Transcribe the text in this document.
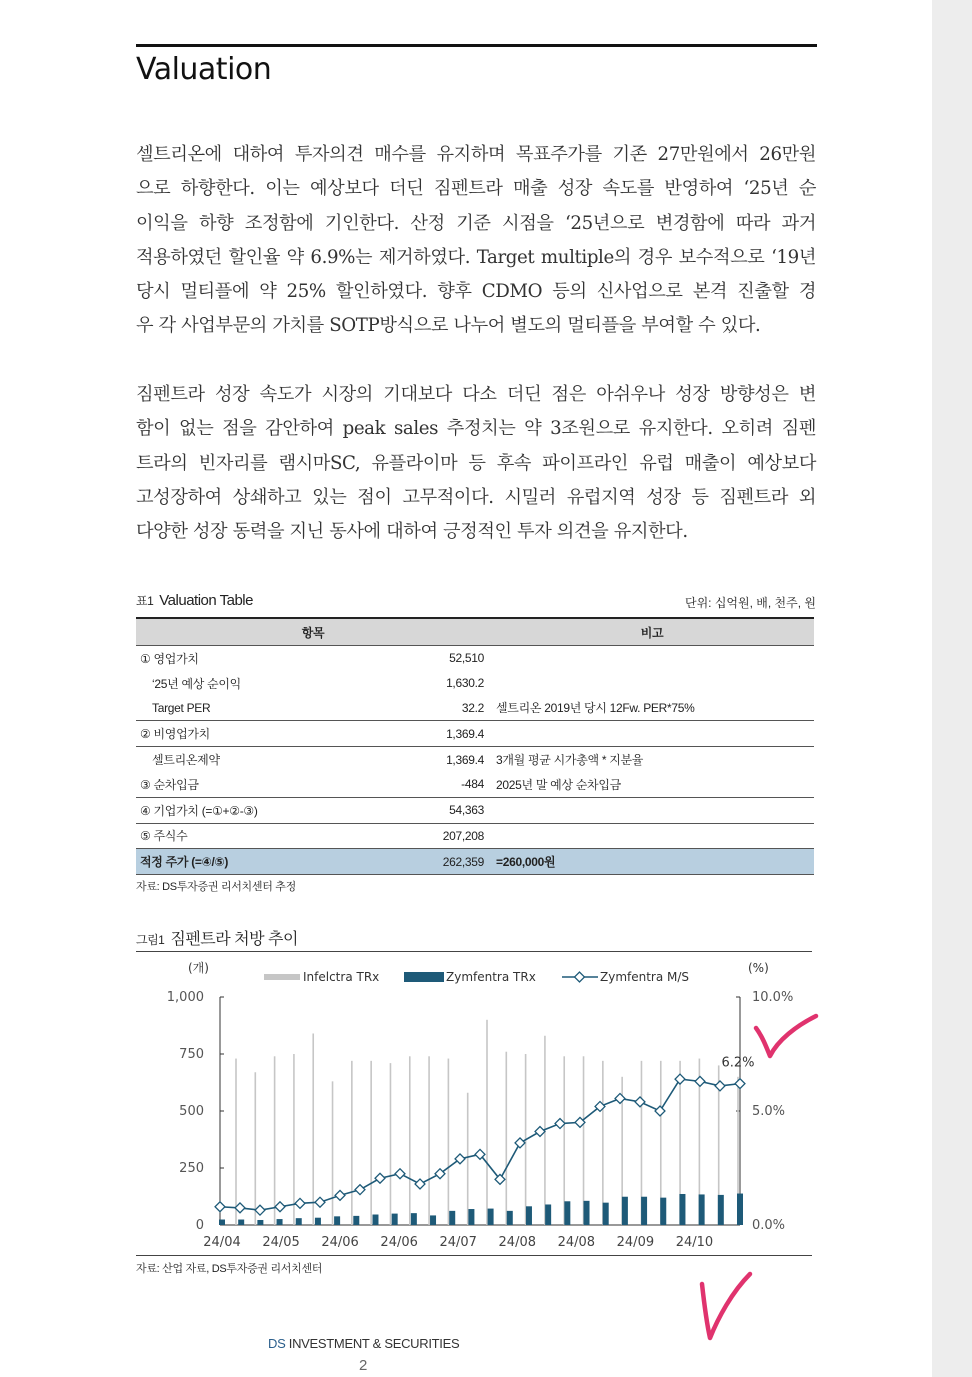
Valuation
셀트리온에 대하여 투자의견 매수를 유지하며 목표주가를 기존 27만원에서 26만원
으로 하향한다. 이는 예상보다 더딘 짐펜트라 매출 성장 속도를 반영하여 ‘25년 순
이익을 하향 조정함에 기인한다. 산정 기준 시점을 ‘25년으로 변경함에 따라 과거
적용하였던 할인율 약 6.9%는 제거하였다. Target multiple의 경우 보수적으로 ‘19년
당시 멀티플에 약 25% 할인하였다. 향후 CDMO 등의 신사업으로 본격 진출할 경
우 각 사업부문의 가치를 SOTP방식으로 나누어 별도의 멀티플을 부여할 수 있다.
짐펜트라 성장 속도가 시장의 기대보다 다소 더딘 점은 아쉬우나 성장 방향성은 변
함이 없는 점을 감안하여 peak sales 추정치는 약 3조원으로 유지한다. 오히려 짐펜
트라의 빈자리를 램시마SC, 유플라이마 등 후속 파이프라인 유럽 매출이 예상보다
고성장하여 상쇄하고 있는 점이 고무적이다. 시밀러 유럽지역 성장 등 짐펜트라 외
다양한 성장 동력을 지닌 동사에 대하여 긍정적인 투자 의견을 유지한다.
표1 Valuation Table	단위: 십억원, 배, 천주, 원
항목		비고
① 영업가치	52,510	
‘25년 예상 순이익	1,630.2	
Target PER	32.2	셀트리온 2019년 당시 12Fw. PER*75%
② 비영업가치	1,369.4	
셀트리온제약	1,369.4	3개월 평균 시가총액 * 지분율
③ 순차입금	-484	2025년 말 예상 순차입금
④ 기업가치 (=①+②-③)	54,363	
⑤ 주식수	207,208	
적정 주가 (=④/⑤)	262,359	=260,000원
자료: DS투자증권 리서치센터 추정
그림1 짐펜트라 처방 추이
Infelctra TRx	Zymfentra TRx	Zymfentra M/S
(개)	(%)
0
250
500
750
1,000
0.0%
5.0%
10.0%
24/04 24/05 24/06 24/06 24/07 24/08 24/08 24/09 24/10
6.2%
자료: 산업 자료, DS투자증권 리서치센터
DS INVESTMENT & SECURITIES
2
